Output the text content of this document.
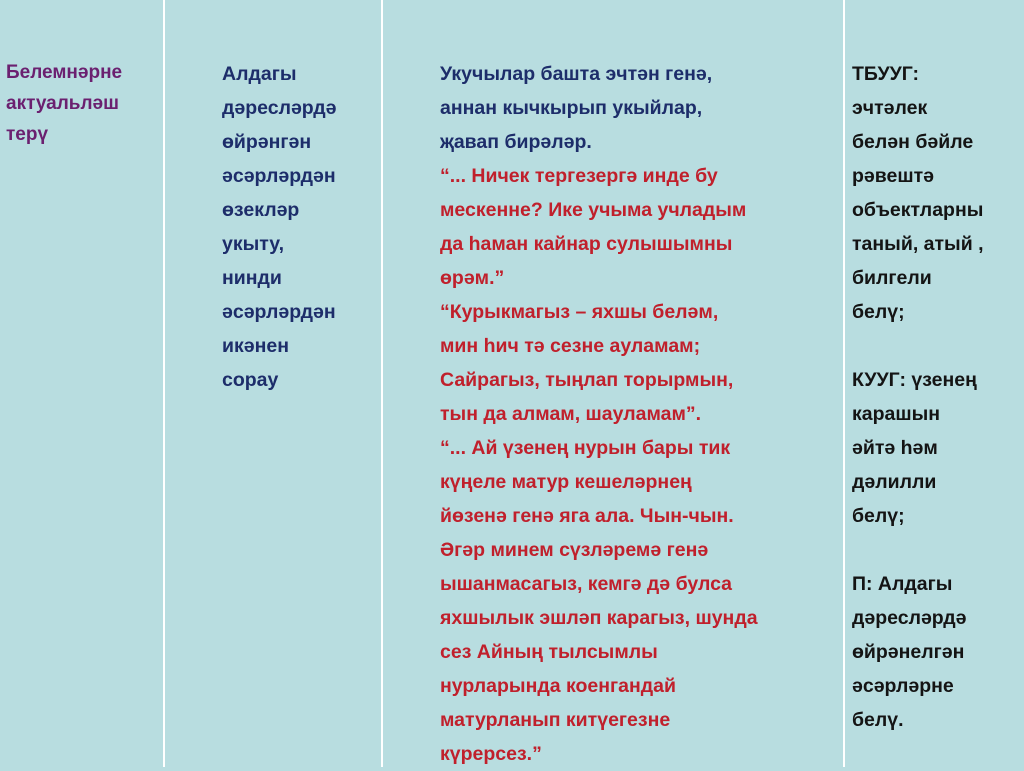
Белемнәрне
актуальләш
терү
Алдагы
дәресләрдә
өйрәнгән
әсәрләрдән
өзекләр
укыту,
нинди
әсәрләрдән
икәнен
сорау
Укучылар башта эчтән генә,
аннан кычкырып укыйлар,
җавап бирәләр.
“... Ничек тергезергә инде бу
мескенне? Ике учыма учладым
да һаман кайнар сулышымны
өрәм.”
“Курыкмагыз – яхшы беләм,
мин һич тә сезне ауламам;
Сайрагыз, тыңлап торырмын,
тын да алмам, шауламам”.
“... Ай үзенең нурын бары тик
күңеле матур кешеләрнең
йөзенә генә яга ала. Чын-чын.
Әгәр минем сүзләремә генә
ышанмасагыз, кемгә дә булса
яхшылык эшләп карагыз, шунда
сез Айның тылсымлы
нурларында коенгандай
матурланып китүегезне
күрерсез.”
ТБУУГ:
эчтәлек
белән бәйле
рәвештә
объектларны
таный, атый ,
билгели
белү;
КУУГ: үзенең
карашын
әйтә һәм
дәлилли
белү;
П: Алдагы
дәресләрдә
өйрәнелгән
әсәрләрне
белү.
